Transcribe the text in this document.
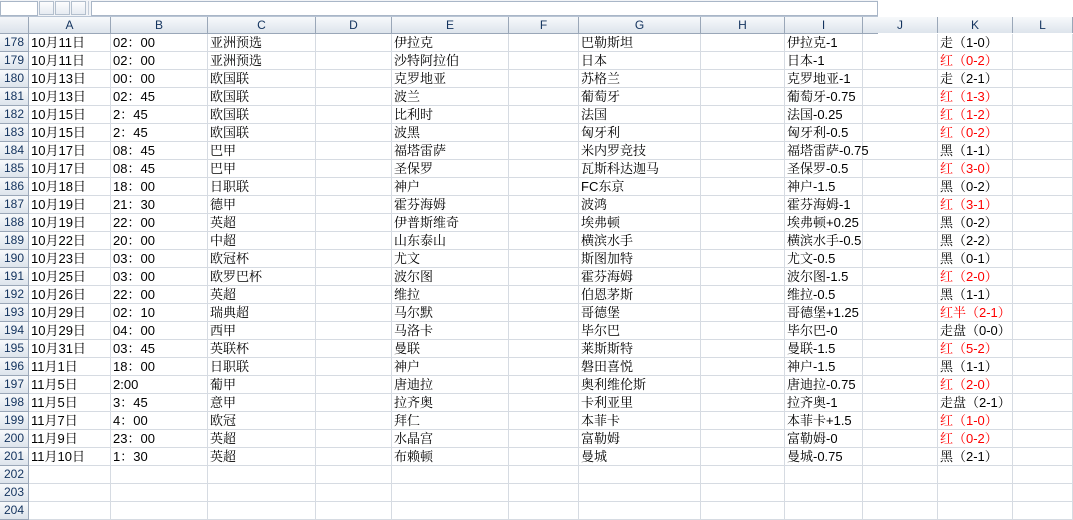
A	B	C	D	E	F	G	H	I	J	K	L
178 10月11日	02：00	亚洲预选	伊拉克	巴勒斯坦	伊拉克-1	走（1-0）
179 10月11日	02：00	亚洲预选	沙特阿拉伯	日本	日本-1	红（0-2）
180 10月13日	00：00	欧国联	克罗地亚	苏格兰	克罗地亚-1	走（2-1）
181 10月13日	02：45	欧国联	波兰	葡萄牙	葡萄牙-0.75	红（1-3）
182 10月15日	2：45	欧国联	比利时	法国	法国-0.25	红（1-2）
183 10月15日	2：45	欧国联	波黑	匈牙利	匈牙利-0.5	红（0-2）
184 10月17日	08：45	巴甲	福塔雷萨	米内罗竞技	福塔雷萨-0.75	黑（1-1）
185 10月17日	08：45	巴甲	圣保罗	瓦斯科达迦马	圣保罗-0.5	红（3-0）
186 10月18日	18：00	日职联	神户	FC东京	神户-1.5	黑（0-2）
187 10月19日	21：30	德甲	霍芬海姆	波鸿	霍芬海姆-1	红（3-1）
188 10月19日	22：00	英超	伊普斯维奇	埃弗顿	埃弗顿+0.25	黑（0-2）
189 10月22日	20：00	中超	山东泰山	横滨水手	横滨水手-0.5	黑（2-2）
190 10月23日	03：00	欧冠杯	尤文	斯图加特	尤文-0.5	黑（0-1）
191 10月25日	03：00	欧罗巴杯	波尔图	霍芬海姆	波尔图-1.5	红（2-0）
192 10月26日	22：00	英超	维拉	伯恩茅斯	维拉-0.5	黑（1-1）
193 10月29日	02：10	瑞典超	马尔默	哥德堡	哥德堡+1.25	红半（2-1）
194 10月29日	04：00	西甲	马洛卡	毕尔巴	毕尔巴-0	走盘（0-0）
195 10月31日	03：45	英联杯	曼联	莱斯斯特	曼联-1.5	红（5-2）
196 11月1日	18：00	日职联	神户	磐田喜悦	神户-1.5	黑（1-1）
197 11月5日	2:00	葡甲	唐迪拉	奥利维伦斯	唐迪拉-0.75	红（2-0）
198 11月5日	3：45	意甲	拉齐奥	卡利亚里	拉齐奥-1	走盘（2-1）
199 11月7日	4：00	欧冠	拜仁	本菲卡	本菲卡+1.5	红（1-0）
200 11月9日	23：00	英超	水晶宫	富勒姆	富勒姆-0	红（0-2）
201 11月10日	1：30	英超	布赖顿	曼城	曼城-0.75	黑（2-1）
202
203
204
